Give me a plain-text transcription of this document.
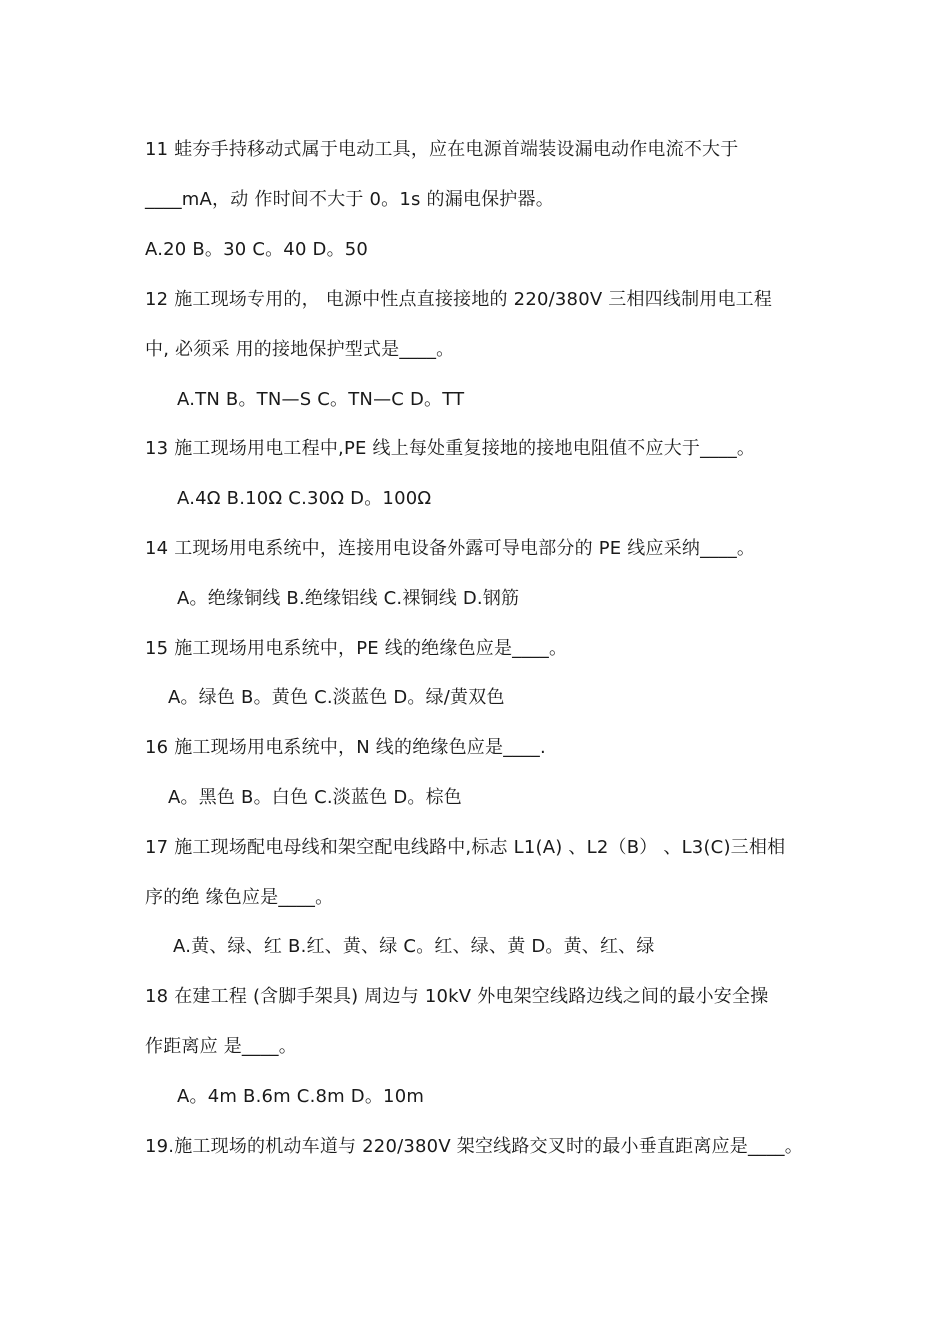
11 蛙夯手持移动式属于电动工具，应在电源首端装设漏电动作电流不大于
____mA，动 作时间不大于 0。1s 的漏电保护器。
A.20 B。30 C。40 D。50
12 施工现场专用的， 电源中性点直接接地的 220/380V 三相四线制用电工程
中, 必须采 用的接地保护型式是____。
A.TN B。TN—S C。TN—C D。TT
13 施工现场用电工程中,PE 线上每处重复接地的接地电阻值不应大于____。
A.4Ω B.10Ω C.30Ω D。100Ω
14 工现场用电系统中，连接用电设备外露可导电部分的 PE 线应采纳____。
A。绝缘铜线 B.绝缘铝线 C.裸铜线 D.钢筋
15 施工现场用电系统中，PE 线的绝缘色应是____。
A。绿色 B。黄色 C.淡蓝色 D。绿/黄双色
16 施工现场用电系统中，N 线的绝缘色应是____.
A。黑色 B。白色 C.淡蓝色 D。棕色
17 施工现场配电母线和架空配电线路中,标志 L1(A) 、L2（B） 、L3(C)三相相
序的绝 缘色应是____。
A.黄、绿、红 B.红、黄、绿 C。红、绿、黄 D。黄、红、绿
18 在建工程 (含脚手架具) 周边与 10kV 外电架空线路边线之间的最小安全操
作距离应 是____。
A。4m B.6m C.8m D。10m
19.施工现场的机动车道与 220/380V 架空线路交叉时的最小垂直距离应是____。
